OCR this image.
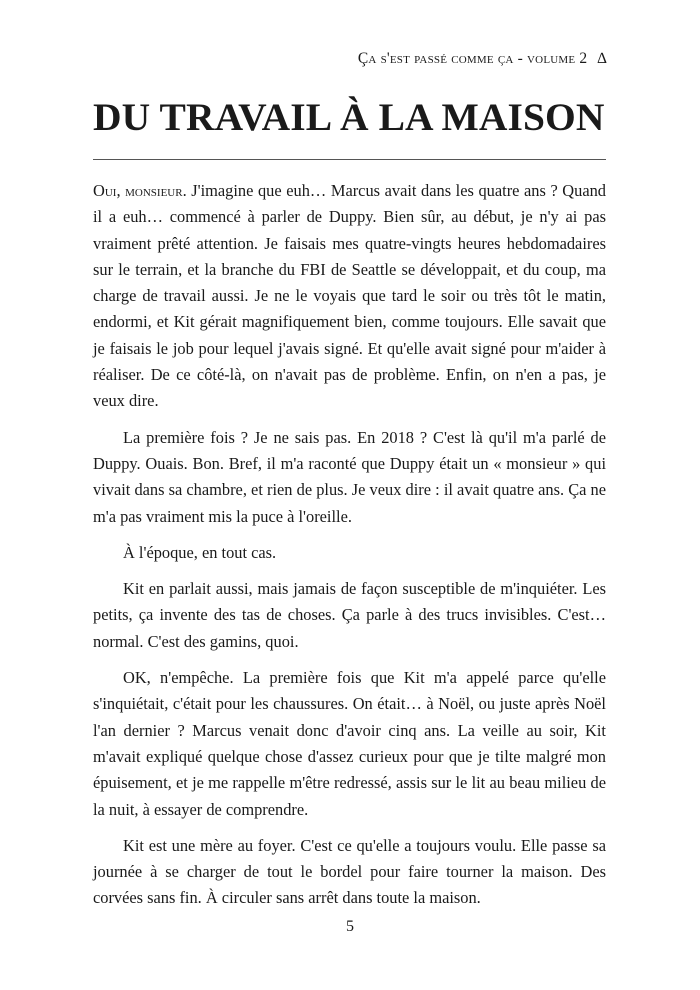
Ça s'est passé comme ça - volume 2 ∆
DU TRAVAIL À LA MAISON

Oui, monsieur. J'imagine que euh… Marcus avait dans les quatre ans ? Quand il a euh… commencé à parler de Duppy. Bien sûr, au début, je n'y ai pas vraiment prêté attention. Je faisais mes quatre-vingts heures hebdomadaires sur le terrain, et la branche du FBI de Seattle se développait, et du coup, ma charge de travail aussi. Je ne le voyais que tard le soir ou très tôt le matin, endormi, et Kit gérait magnifiquement bien, comme toujours. Elle savait que je faisais le job pour lequel j'avais signé. Et qu'elle avait signé pour m'aider à réaliser. De ce côté-là, on n'avait pas de problème. Enfin, on n'en a pas, je veux dire.

La première fois ? Je ne sais pas. En 2018 ? C'est là qu'il m'a parlé de Duppy. Ouais. Bon. Bref, il m'a raconté que Duppy était un « monsieur » qui vivait dans sa chambre, et rien de plus. Je veux dire : il avait quatre ans. Ça ne m'a pas vraiment mis la puce à l'oreille.

À l'époque, en tout cas.

Kit en parlait aussi, mais jamais de façon susceptible de m'inquiéter. Les petits, ça invente des tas de choses. Ça parle à des trucs invisibles. C'est… normal. C'est des gamins, quoi.

OK, n'empêche. La première fois que Kit m'a appelé parce qu'elle s'inquiétait, c'était pour les chaussures. On était… à Noël, ou juste après Noël l'an dernier ? Marcus venait donc d'avoir cinq ans. La veille au soir, Kit m'avait expliqué quelque chose d'assez curieux pour que je tilte malgré mon épuisement, et je me rappelle m'être redressé, assis sur le lit au beau milieu de la nuit, à essayer de comprendre.

Kit est une mère au foyer. C'est ce qu'elle a toujours voulu. Elle passe sa journée à se charger de tout le bordel pour faire tourner la maison. Des corvées sans fin. À circuler sans arrêt dans toute la maison.

5
